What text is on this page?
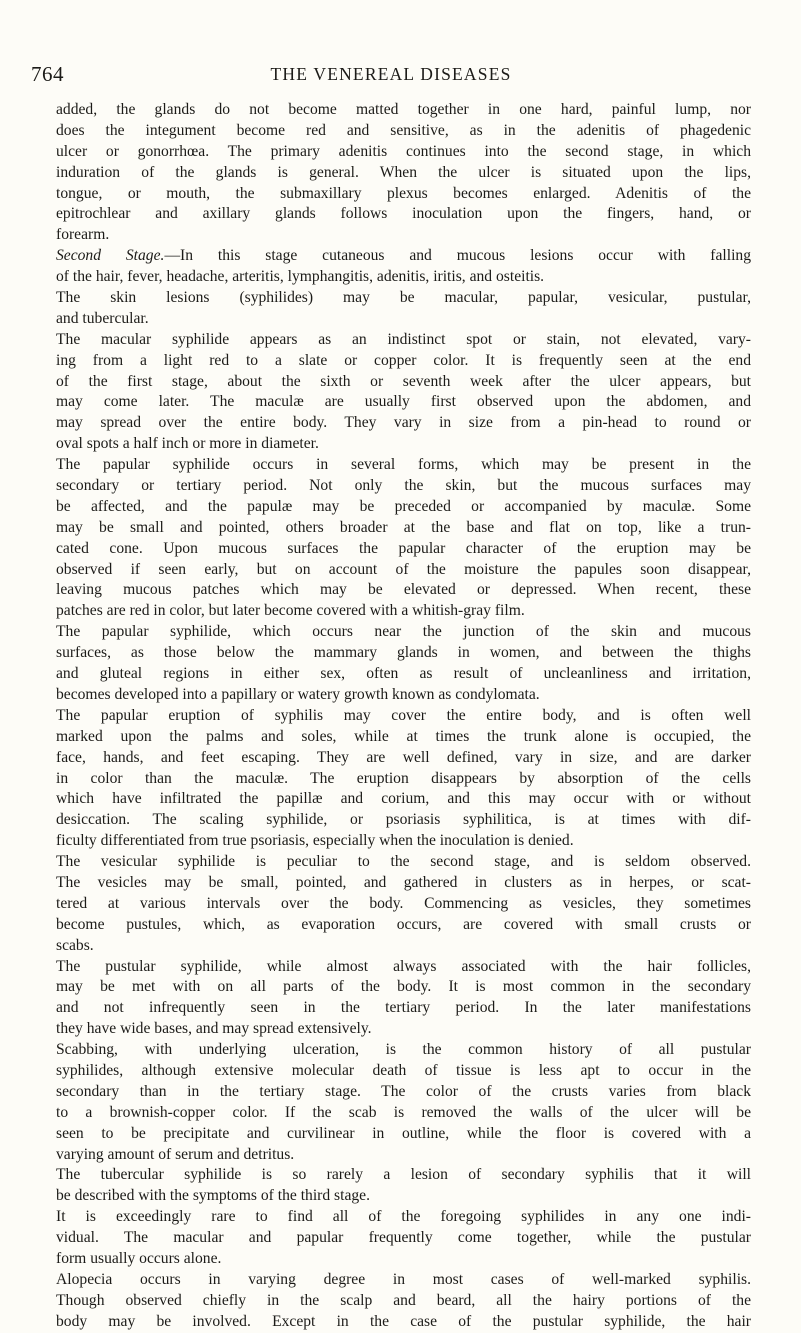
764	THE VENEREAL DISEASES
added, the glands do not become matted together in one hard, painful lump, nor
does the integument become red and sensitive, as in the adenitis of phagedenic
ulcer or gonorrhœa. The primary adenitis continues into the second stage, in which
induration of the glands is general. When the ulcer is situated upon the lips,
tongue, or mouth, the submaxillary plexus becomes enlarged. Adenitis of the
epitrochlear and axillary glands follows inoculation upon the fingers, hand, or
forearm.
Second Stage.—In this stage cutaneous and mucous lesions occur with falling
of the hair, fever, headache, arteritis, lymphangitis, adenitis, iritis, and osteitis.
The skin lesions (syphilides) may be macular, papular, vesicular, pustular,
and tubercular.
The macular syphilide appears as an indistinct spot or stain, not elevated, vary-
ing from a light red to a slate or copper color. It is frequently seen at the end
of the first stage, about the sixth or seventh week after the ulcer appears, but
may come later. The maculæ are usually first observed upon the abdomen, and
may spread over the entire body. They vary in size from a pin-head to round or
oval spots a half inch or more in diameter.
The papular syphilide occurs in several forms, which may be present in the
secondary or tertiary period. Not only the skin, but the mucous surfaces may
be affected, and the papulæ may be preceded or accompanied by maculæ. Some
may be small and pointed, others broader at the base and flat on top, like a trun-
cated cone. Upon mucous surfaces the papular character of the eruption may be
observed if seen early, but on account of the moisture the papules soon disappear,
leaving mucous patches which may be elevated or depressed. When recent, these
patches are red in color, but later become covered with a whitish-gray film.
The papular syphilide, which occurs near the junction of the skin and mucous
surfaces, as those below the mammary glands in women, and between the thighs
and gluteal regions in either sex, often as result of uncleanliness and irritation,
becomes developed into a papillary or watery growth known as condylomata.
The papular eruption of syphilis may cover the entire body, and is often well
marked upon the palms and soles, while at times the trunk alone is occupied, the
face, hands, and feet escaping. They are well defined, vary in size, and are darker
in color than the maculæ. The eruption disappears by absorption of the cells
which have infiltrated the papillæ and corium, and this may occur with or without
desiccation. The scaling syphilide, or psoriasis syphilitica, is at times with dif-
ficulty differentiated from true psoriasis, especially when the inoculation is denied.
The vesicular syphilide is peculiar to the second stage, and is seldom observed.
The vesicles may be small, pointed, and gathered in clusters as in herpes, or scat-
tered at various intervals over the body. Commencing as vesicles, they sometimes
become pustules, which, as evaporation occurs, are covered with small crusts or
scabs.
The pustular syphilide, while almost always associated with the hair follicles,
may be met with on all parts of the body. It is most common in the secondary
and not infrequently seen in the tertiary period. In the later manifestations
they have wide bases, and may spread extensively.
Scabbing, with underlying ulceration, is the common history of all pustular
syphilides, although extensive molecular death of tissue is less apt to occur in the
secondary than in the tertiary stage. The color of the crusts varies from black
to a brownish-copper color. If the scab is removed the walls of the ulcer will be
seen to be precipitate and curvilinear in outline, while the floor is covered with a
varying amount of serum and detritus.
The tubercular syphilide is so rarely a lesion of secondary syphilis that it will
be described with the symptoms of the third stage.
It is exceedingly rare to find all of the foregoing syphilides in any one indi-
vidual. The macular and papular frequently come together, while the pustular
form usually occurs alone.
Alopecia occurs in varying degree in most cases of well-marked syphilis.
Though observed chiefly in the scalp and beard, all the hairy portions of the
body may be involved. Except in the case of the pustular syphilide, the hair
